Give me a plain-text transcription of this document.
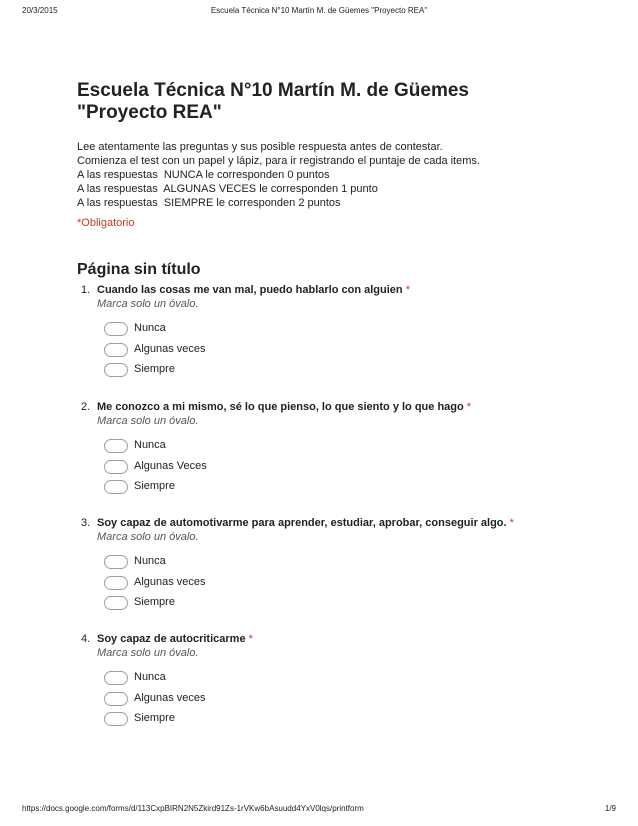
20/3/2015	Escuela Técnica N°10 Martín M. de Güemes "Proyecto REA"
Escuela Técnica N°10 Martín M. de Güemes
"Proyecto REA"
Lee atentamente las preguntas y sus posible respuesta antes de contestar.
Comienza el test con un papel y lápiz, para ir registrando el puntaje de cada items.
A las respuestas  NUNCA le corresponden 0 puntos
A las respuestas  ALGUNAS VECES le corresponden 1 punto
A las respuestas  SIEMPRE le corresponden 2 puntos
*Obligatorio
Página sin título
1. Cuando las cosas me van mal, puedo hablarlo con alguien *
Marca solo un óvalo.
Nunca
Algunas veces
Siempre
2. Me conozco a mi mismo, sé lo que pienso, lo que siento y lo que hago *
Marca solo un óvalo.
Nunca
Algunas Veces
Siempre
3. Soy capaz de automotivarme para aprender, estudiar, aprobar, conseguir algo. *
Marca solo un óvalo.
Nunca
Algunas veces
Siempre
4. Soy capaz de autocriticarme *
Marca solo un óvalo.
Nunca
Algunas veces
Siempre
https://docs.google.com/forms/d/113CxpBIRN2N5Zkird91Zs-1rVKw6bAsuudd4YxV0lqs/printform	1/9
